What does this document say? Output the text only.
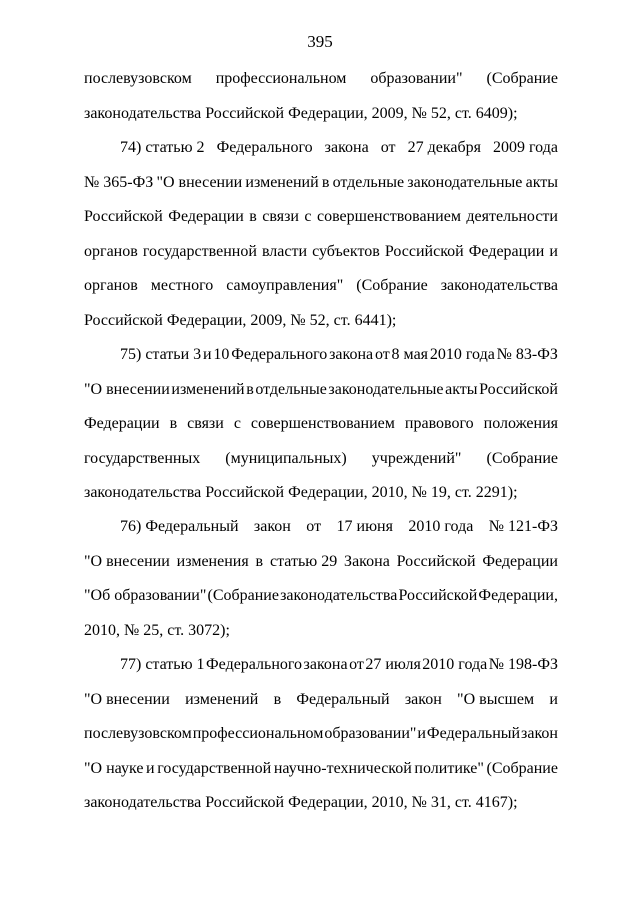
395
послевузовском профессиональном образовании" (Собрание
законодательства Российской Федерации, 2009, № 52, ст. 6409);
74) статью 2 Федерального закона от 27 декабря 2009 года
№ 365-ФЗ "О внесении изменений в отдельные законодательные акты
Российской Федерации в связи с совершенствованием деятельности
органов государственной власти субъектов Российской Федерации и
органов местного самоуправления" (Собрание законодательства
Российской Федерации, 2009, № 52, ст. 6441);
75) статьи 3 и 10 Федерального закона от 8 мая 2010 года № 83-ФЗ
"О внесении изменений в отдельные законодательные акты Российской
Федерации в связи с совершенствованием правового положения
государственных (муниципальных) учреждений" (Собрание
законодательства Российской Федерации, 2010, № 19, ст. 2291);
76) Федеральный закон от 17 июня 2010 года № 121-ФЗ
"О внесении изменения в статью 29 Закона Российской Федерации
"Об образовании" (Собрание законодательства Российской Федерации,
2010, № 25, ст. 3072);
77) статью 1 Федерального закона от 27 июля 2010 года № 198-ФЗ
"О внесении изменений в Федеральный закон "О высшем и
послевузовском профессиональном образовании" и Федеральный закон
"О науке и государственной научно-технической политике" (Собрание
законодательства Российской Федерации, 2010, № 31, ст. 4167);
